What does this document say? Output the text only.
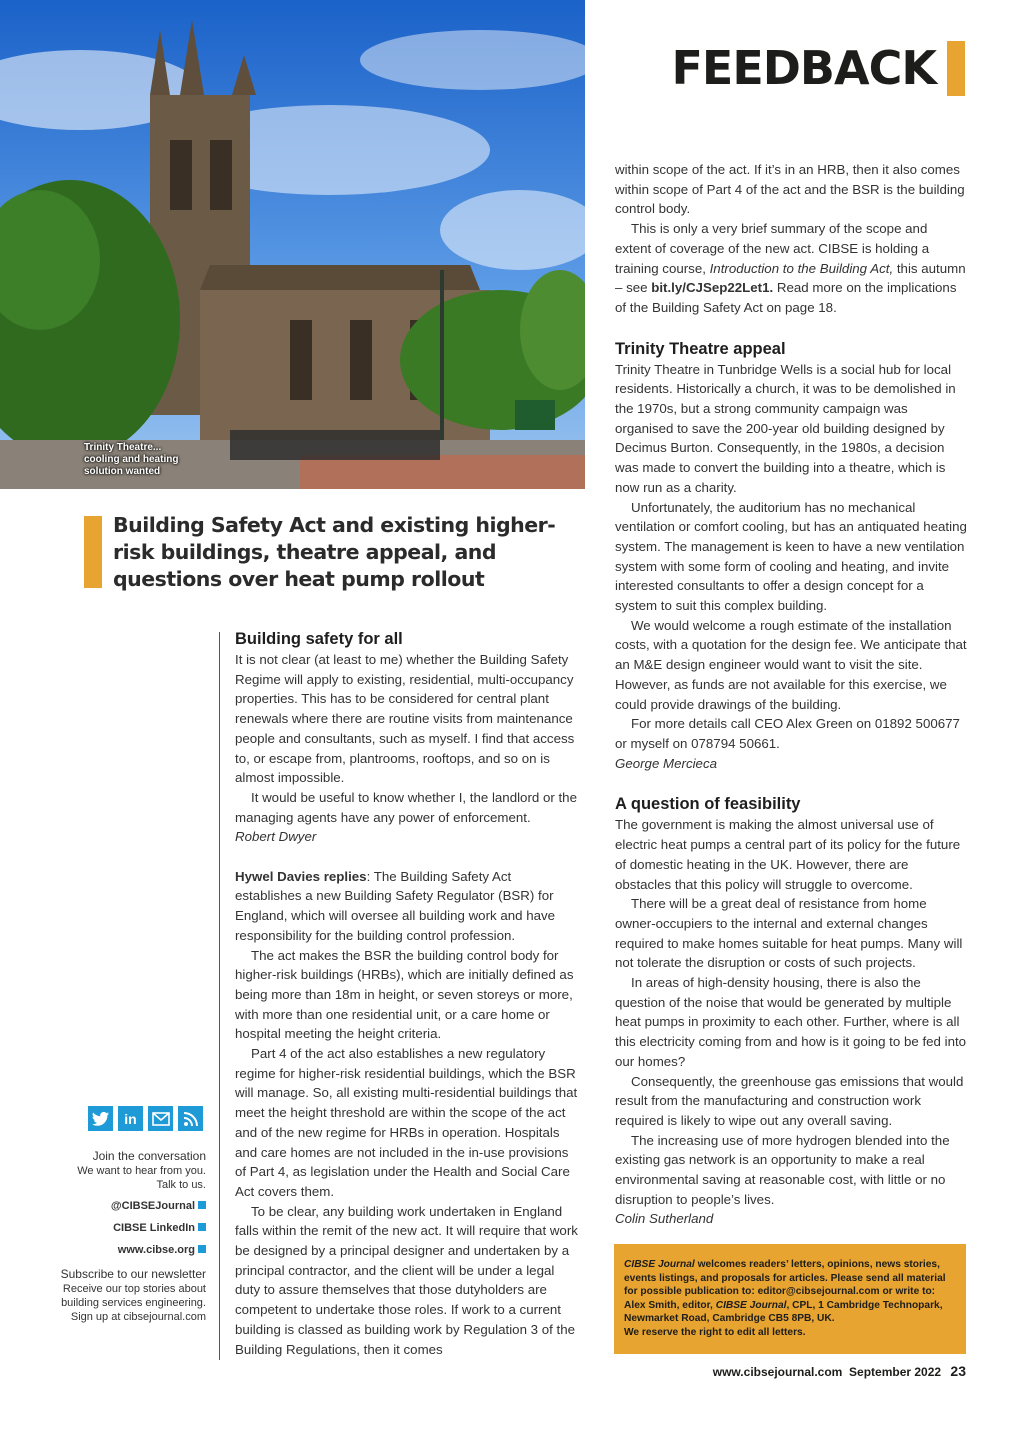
Trinity Theatre... cooling and heating solution wanted
FEEDBACK
Building Safety Act and existing higher-risk buildings, theatre appeal, and questions over heat pump rollout
Building safety for all

It is not clear (at least to me) whether the Building Safety Regime will apply to existing, residential, multi-occupancy properties. This has to be considered for central plant renewals where there are routine visits from maintenance people and consultants, such as myself. I find that access to, or escape from, plantrooms, rooftops, and so on is almost impossible.

It would be useful to know whether I, the landlord or the managing agents have any power of enforcement.

Robert Dwyer

Hywel Davies replies: The Building Safety Act establishes a new Building Safety Regulator (BSR) for England, which will oversee all building work and have responsibility for the building control profession.

The act makes the BSR the building control body for higher-risk buildings (HRBs), which are initially defined as being more than 18m in height, or seven storeys or more, with more than one residential unit, or a care home or hospital meeting the height criteria.

Part 4 of the act also establishes a new regulatory regime for higher-risk residential buildings, which the BSR will manage. So, all existing multi-residential buildings that meet the height threshold are within the scope of the act and of the new regime for HRBs in operation. Hospitals and care homes are not included in the in-use provisions of Part 4, as legislation under the Health and Social Care Act covers them.

To be clear, any building work undertaken in England falls within the remit of the new act. It will require that work be designed by a principal designer and undertaken by a principal contractor, and the client will be under a legal duty to assure themselves that those dutyholders are competent to undertake those roles. If work to a current building is classed as building work by Regulation 3 of the Building Regulations, then it comes

within scope of the act. If it’s in an HRB, then it also comes within scope of Part 4 of the act and the BSR is the building control body.

This is only a very brief summary of the scope and extent of coverage of the new act. CIBSE is holding a training course, Introduction to the Building Act, this autumn – see bit.ly/CJSep22Let1. Read more on the implications of the Building Safety Act on page 18.

Trinity Theatre appeal

Trinity Theatre in Tunbridge Wells is a social hub for local residents. Historically a church, it was to be demolished in the 1970s, but a strong community campaign was organised to save the 200-year old building designed by Decimus Burton. Consequently, in the 1980s, a decision was made to convert the building into a theatre, which is now run as a charity.

Unfortunately, the auditorium has no mechanical ventilation or comfort cooling, but has an antiquated heating system. The management is keen to have a new ventilation system with some form of cooling and heating, and invite interested consultants to offer a design concept for a system to suit this complex building.

We would welcome a rough estimate of the installation costs, with a quotation for the design fee. We anticipate that an M&E design engineer would want to visit the site. However, as funds are not available for this exercise, we could provide drawings of the building.

For more details call CEO Alex Green on 01892 500677 or myself on 078794 50661.

George Mercieca

A question of feasibility

The government is making the almost universal use of electric heat pumps a central part of its policy for the future of domestic heating in the UK. However, there are obstacles that this policy will struggle to overcome.

There will be a great deal of resistance from home owner-occupiers to the internal and external changes required to make homes suitable for heat pumps. Many will not tolerate the disruption or costs of such projects.

In areas of high-density housing, there is also the question of the noise that would be generated by multiple heat pumps in proximity to each other. Further, where is all this electricity coming from and how is it going to be fed into our homes?

Consequently, the greenhouse gas emissions that would result from the manufacturing and construction work required is likely to wipe out any overall saving.

The increasing use of more hydrogen blended into the existing gas network is an opportunity to make a real environmental saving at reasonable cost, with little or no disruption to people’s lives.

Colin Sutherland

in
Join the conversation
We want to hear from you. Talk to us.
@CIBSEJournal
CIBSE LinkedIn
www.cibse.org
Subscribe to our newsletter
Receive our top stories about building services engineering. Sign up at cibsejournal.com
CIBSE Journal welcomes readers’ letters, opinions, news stories, events listings, and proposals for articles. Please send all material for possible publication to: editor@cibsejournal.com or write to: Alex Smith, editor, CIBSE Journal, CPL, 1 Cambridge Technopark, Newmarket Road, Cambridge CB5 8PB, UK.
We reserve the right to edit all letters.
www.cibsejournal.com September 2022 23
